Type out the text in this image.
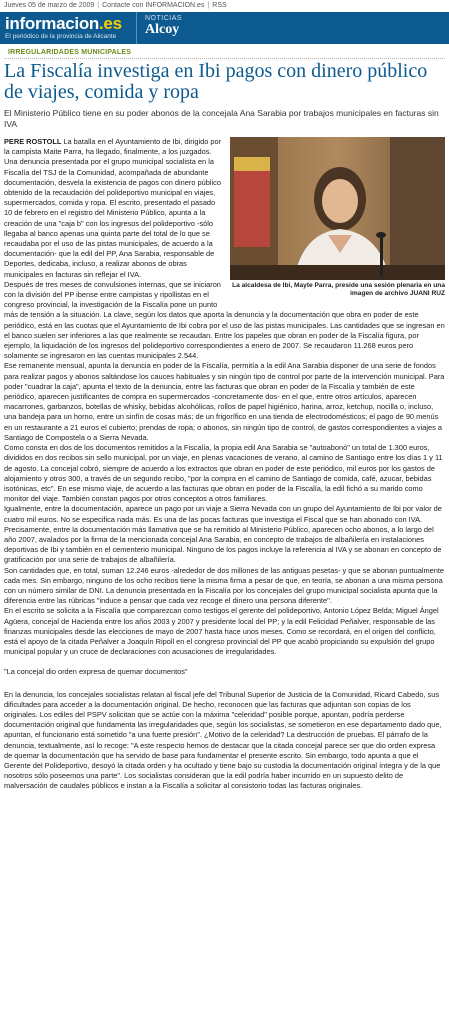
Jueves 05 de marzo de 2009 | Contacte con INFORMACION.es | RSS
informacion.es
El periódico de la provincia de Alicante
NOTICIAS
Alcoy
IRREGULARIDADES MUNICIPALES
La Fiscalía investiga en Ibi pagos con dinero público de viajes, comida y ropa
El Ministerio Público tiene en su poder abonos de la concejala Ana Sarabia por trabajos municipales en facturas sin IVA
La alcaldesa de Ibi, Mayte Parra, preside una sesión plenaria en una imagen de archivo JUANI RUZ

PERE ROSTOLL La batalla en el Ayuntamiento de Ibi, dirigido por la campista Maite Parra, ha llegado, finalmente, a los juzgados. Una denuncia presentada por el grupo municipal socialista en la Fiscalía del TSJ de la Comunidad, acompañada de abundante documentación, desvela la existencia de pagos con dinero público obtenido de la recaudación del polideportivo municipal en viajes, supermercados, comida y ropa. El escrito, presentado el pasado 10 de febrero en el registro del Ministerio Público, apunta a la creación de una "caja b" con los ingresos del polideportivo -sólo llegaba al banco apenas una quinta parte del total de lo que se recaudaba por el uso de las pistas municipales, de acuerdo a la documentación- que la edil del PP, Ana Sarabia, responsable de Deportes, dedicaba, incluso, a realizar abonos de obras municipales en facturas sin reflejar el IVA.

Después de tres meses de convulsiones internas, que se iniciaron con la división del PP ibense entre campistas y ripollistas en el congreso provincial, la investigación de la Fiscalía pone un punto más de tensión a la situación. La clave, según los datos que aporta la denuncia y la documentación que obra en poder de este periódico, está en las cuotas que el Ayuntamiento de Ibi cobra por el uso de las pistas municipales. Las cantidades que se ingresan en el banco suelen ser inferiores a las que realmente se recaudan. Entre los papeles que obran en poder de la Fiscalía figura, por ejemplo, la liquidación de los ingresos del polideportivo correspondientes a enero de 2007. Se recaudaron 11.268 euros pero solamente se ingresaron en las cuentas municipales 2.544.

Ese remanente mensual, apunta la denuncia en poder de la Fiscalía, permitía a la edil Ana Sarabia disponer de una serie de fondos para realizar pagos y abonos saltándose los cauces habituales y sin ningún tipo de control por parte de la intervención municipal. Para poder "cuadrar la caja", apunta el texto de la denuncia, entre las facturas que obran en poder de la Fiscalía y también de este periódico, aparecen justificantes de compra en supermercados -concretamente dos- en el que, entre otros artículos, aparecen macarrones, garbanzos, botellas de whisky, bebidas alcohólicas, rollos de papel higiénico, harina, arroz, ketchup, nocilla o, incluso, una bandeja para un horno, entre un sinfín de cosas más; de un frigorífico en una tienda de electrodomésticos; el pago de 90 menús en un restaurante a 21 euros el cubierto; prendas de ropa; o abonos, sin ningún tipo de control, de gastos correspondientes a viajes a Santiago de Compostela o a Sierra Nevada.

Como consta en dos de los documentos remitidos a la Fiscalía, la propia edil Ana Sarabia se "autoabonó" un total de 1.300 euros, divididos en dos recibos sin sello municipal, por un viaje, en plenas vacaciones de verano, al camino de Santiago entre los días 1 y 11 de agosto. La concejal cobró, siempre de acuerdo a los extractos que obran en poder de este periódico, mil euros por los gastos de alojamiento y otros 300, a través de un segundo recibo, "por la compra en el camino de Santiago de comida, café, azucar, bebidas isotónicas, etc". En ese mismo viaje, de acuerdo a las facturas que obran en poder de la Fiscalía, la edil fichó a su marido como monitor del viaje. También constan pagos por otros conceptos a otros familiares.

Igualmente, entre la documentación, aparece un pago por un viaje a Sierra Nevada con un grupo del Ayuntamiento de Ibi por valor de cuatro mil euros. No se especifica nada más. Es una de las pocas facturas que investiga el Fiscal que se han abonado con IVA. Precisamente, entre la documentación más llamativa que se ha remitido al Ministerio Público, aparecen ocho abonos, a lo largo del año 2007, avalados por la firma de la mencionada concejal Ana Sarabia, en concepto de trabajos de albañilería en instalaciones deportivas de Ibi y también en el cementerio municipal. Ninguno de los pagos incluye la referencia al IVA y se abonan en concepto de gratificación por una serie de trabajos de albañilería.

Son cantidades que, en total, suman 12.246 euros -alrededor de dos millones de las antiguas pesetas- y que se abonan puntualmente cada mes. Sin embargo, ninguno de los ocho recibos tiene la misma firma a pesar de que, en teoría, se abonan a una misma persona con un número similar de DNI. La denuncia presentada en la Fiscalía por los concejales del grupo municipal socialista apunta que la diferencia entre las rúbricas "induce a pensar que cada vez recoge el dinero una persona diferente".

En el escrito se solicita a la Fiscalía que comparezcan como testigos el gerente del polideportivo, Antonio López Belda; Miguel Ángel Agüera, concejal de Hacienda entre los años 2003 y 2007 y presidente local del PP; y la edil Felicidad Peñalver, responsable de las finanzas municipales desde las elecciones de mayo de 2007 hasta hace unos meses. Como se recordará, en el origen del conflicto, está el apoyo de la citada Peñalver a Joaquín Ripoll en el congreso provincial del PP que acabó propiciando su expulsión del grupo municipal popular y un cruce de declaraciones con acusaciones de irregularidades.

"La concejal dio orden expresa de quemar documentos"

En la denuncia, los concejales socialistas relatan al fiscal jefe del Tribunal Superior de Justicia de la Comunidad, Ricard Cabedo, sus dificultades para acceder a la documentación original. De hecho, reconocen que las facturas que adjuntan son copias de los originales. Los ediles del PSPV solicitan que se actúe con la máxima "celeridad" posible porque, apuntan, podría perderse documentación original que fundamenta las irregularidades que, según los socialistas, se sometieron en ese departamento dado que, apuntan, el funcionario está sometido "a una fuerte presión". ¿Motivo de la celeridad? La destrucción de pruebas. El párrafo de la denuncia, textualmente, así lo recoge: "A este respecto hemos de destacar que la citada concejal parece ser que dio orden expresa de quemar la documentación que ha servido de base para fundamentar el presente escrito. Sin embargo, todo apunta a que el Gerente del Polideportivo, desoyó la citada orden y ha ocultado y tiene bajo su custodia la documentación original íntegra y de la que nosotros sólo poseemos una parte". Los socialistas consideran que la edil podría haber incurrido en un supuesto delito de malversación de caudales públicos e instan a la Fiscalía a solicitar al consistorio todas las facturas originales.
